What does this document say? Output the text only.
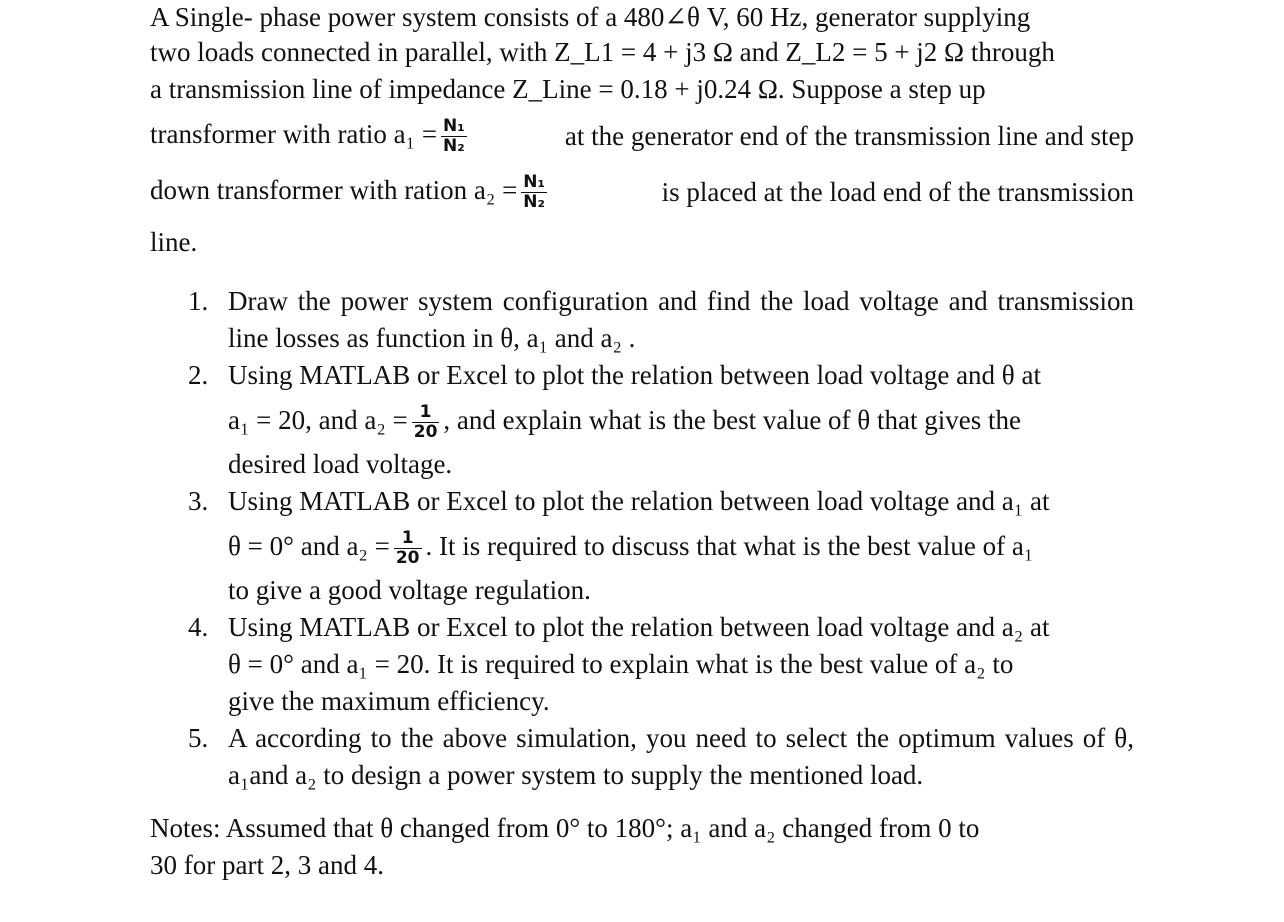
A Single- phase power system consists of a 480∠θ V, 60 Hz, generator supplying
two loads connected in parallel, with Z_L1 = 4 + j3 Ω and Z_L2 = 5 + j2 Ω through
a transmission line of impedance Z_Line = 0.18 + j0.24 Ω. Suppose a step up
transformer with ratio $a_1 = \frac{\text{N₁}}{\text{N₂}}$	at the generator end of the transmission line and step
down transformer with ration $a_2 = \frac{\text{N₁}}{\text{N₂}}$	is placed at the load end of the transmission
line.
1. Draw the power system configuration and find the load voltage and transmission line losses as function in θ, a₁ and a₂ .
2. Using MATLAB or Excel to plot the relation between load voltage and θ at
a₁ = 20, and $a_2 = \frac{1}{20}$ , and explain what is the best value of θ that gives the
desired load voltage.
3. Using MATLAB or Excel to plot the relation between load voltage and a₁ at
θ = 0° and $a_2 = \frac{1}{20}$ . It is required to discuss that what is the best value of a₁
to give a good voltage regulation.
4. Using MATLAB or Excel to plot the relation between load voltage and a₂ at
θ = 0° and a₁ = 20. It is required to explain what is the best value of a₂ to
give the maximum efficiency.
5. A according to the above simulation, you need to select the optimum values of θ, a₁and a₂ to design a power system to supply the mentioned load.
Notes: Assumed that θ changed from 0° to 180°; a₁ and a₂ changed from 0 to
30 for part 2, 3 and 4.
